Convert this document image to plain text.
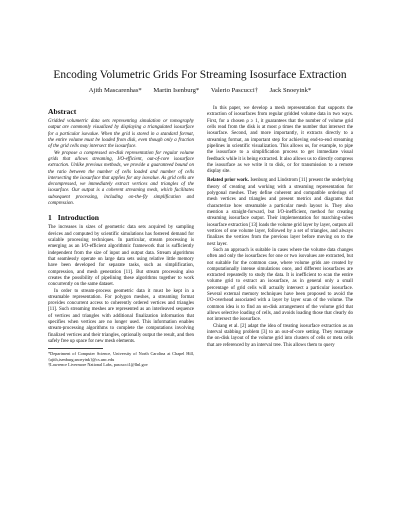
Encoding Volumetric Grids For Streaming Isosurface Extraction
Ajith Mascarenhas* Martin Isenburg* Valerio Pascucci† Jack Snoeyink*
Abstract

Gridded volumetric data sets representing simulation or tomography output are commonly visualized by displaying a triangulated isosurface for a particular isovalue. When the grid is stored in a standard format, the entire volume must be loaded from disk, even though only a fraction of the grid cells may intersect the isosurface.

We propose a compressed on-disk representation for regular volume grids that allows streaming, I/O-efficient, out-of-core isosurface extraction. Unlike previous methods, we provide a guaranteed bound on the ratio between the number of cells loaded and number of cells intersecting the isosurface that applies for any isovalue. As grid cells are decompressed, we immediately extract vertices and triangles of the isosurface. Our output is a coherent streaming mesh, which facilitates subsequent processing, including on-the-fly simplification and compression.

1 Introduction

The increases in sizes of geometric data sets acquired by sampling devices and computed by scientific simulations has fostered demand for scalable processing techniques. In particular, stream processing is emerging as an I/O-efficient algorithmic framework that is sufficiently independent from the size of input and output data. Stream algorithms that seamlessly operate on large data sets using relative little memory have been developed for separate tasks, such as simplification, compression, and mesh generation [11]. But stream processing also creates the possibility of pipelining these algorithms together to work concurrently on the same dataset.

In order to stream-process geometric data it must be kept in a streamable representation. For polygon meshes, a streaming format provides concurrent access to coherently ordered vertices and triangles [11]. Such streaming meshes are represented as an interleaved sequence of vertices and triangles with additional finalization information that specifies when vertices are no longer used. This information enables stream-processing algorithms to complete the computations involving finalized vertices and their triangles, optionally output the result, and then safely free up space for new mesh elements.

*Department of Computer Science, University of North Carolina at Chapel Hill, {ajith,isenburg,snoeyink}@cs.unc.edu

†Lawrence Livermore National Labs, pascucci1@llnl.gov

In this paper, we develop a mesh representation that supports the extraction of isosurfaces from regular gridded volume data in two ways. First, for a chosen ρ ≥ 1, it guarantees that the number of volume grid cells read from the disk is at most ρ times the number that intersect the isosurface. Second, and more importantly, it extracts directly to a streaming format, an important step for achieving end-to-end streaming pipelines in scientific visualization. This allows us, for example, to pipe the isosurface to a simplification process to get immediate visual feedback while it is being extracted. It also allows us to directly compress the isosurface as we write it to disk, or for transmission to a remote display site.

Related prior work. Isenburg and Lindstrom [11] present the underlying theory of creating and working with a streaming representation for polygonal meshes. They define coherent and compatible orderings of mesh vertices and triangles and present metrics and diagrams that characterize how streamable a particular mesh layout is. They also mention a straight-forward, but I/O-inefficient, method for creating streaming isosurface output. Their implementation for marching-cubes isosurface extraction [13] loads the volume grid layer by layer, outputs all vertices of one volume layer, followed by a set of triangles, and always finalizes the vertices from the previous layer before moving on to the next layer.

Such an approach is suitable in cases where the volume data changes often and only the isosurfaces for one or two isovalues are extracted, but not suitable for the common case, where volume grids are created by computationally intense simulations once, and different isosurfaces are extracted repeatedly to study the data. It is inefficient to scan the entire volume grid to extract an isosurface, as in general only a small percentage of grid cells will actually intersect a particular isosurface. Several external memory techniques have been proposed to avoid the I/O-overhead associated with a layer by layer scan of the volume. The common idea is to find an on-disk arrangement of the volume grid that allows selective loading of cells, and avoids loading those that clearly do not intersect the isosurface.

Chiang et al. [2] adapt the idea of treating isosurface extraction as an interval stabbing problem [3] to an out-of-core setting. They rearrange the on-disk layout of the volume grid into clusters of cells or meta cells that are referenced by an interval tree. This allows them to query
